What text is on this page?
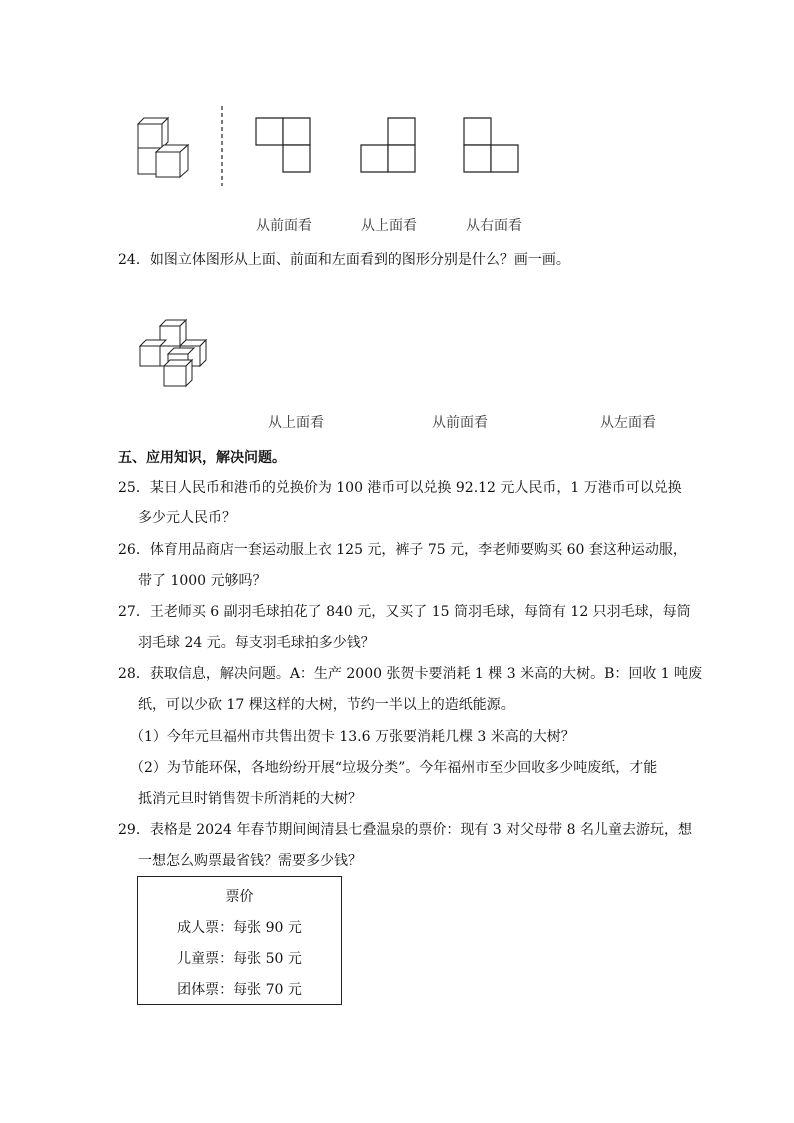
从前面看	从上面看	从右面看
24．如图立体图形从上面、前面和左面看到的图形分别是什么？画一画。
从上面看	从前面看	从左面看
五、应用知识，解决问题。
25．某日人民币和港币的兑换价为 100 港币可以兑换 92.12 元人民币，1 万港币可以兑换
多少元人民币？
26．体育用品商店一套运动服上衣 125 元，裤子 75 元，李老师要购买 60 套这种运动服，
带了 1000 元够吗？
27．王老师买 6 副羽毛球拍花了 840 元，又买了 15 筒羽毛球，每筒有 12 只羽毛球，每筒
羽毛球 24 元。每支羽毛球拍多少钱？
28．获取信息，解决问题。A：生产 2000 张贺卡要消耗 1 棵 3 米高的大树。B：回收 1 吨废
纸，可以少砍 17 棵这样的大树，节约一半以上的造纸能源。
（1）今年元旦福州市共售出贺卡 13.6 万张要消耗几棵 3 米高的大树？
（2）为节能环保，各地纷纷开展“垃圾分类”。今年福州市至少回收多少吨废纸，才能
抵消元旦时销售贺卡所消耗的大树？
29．表格是 2024 年春节期间闽清县七叠温泉的票价：现有 3 对父母带 8 名儿童去游玩，想
一想怎么购票最省钱？需要多少钱？
票价
成人票：每张 90 元
儿童票：每张 50 元
团体票：每张 70 元
